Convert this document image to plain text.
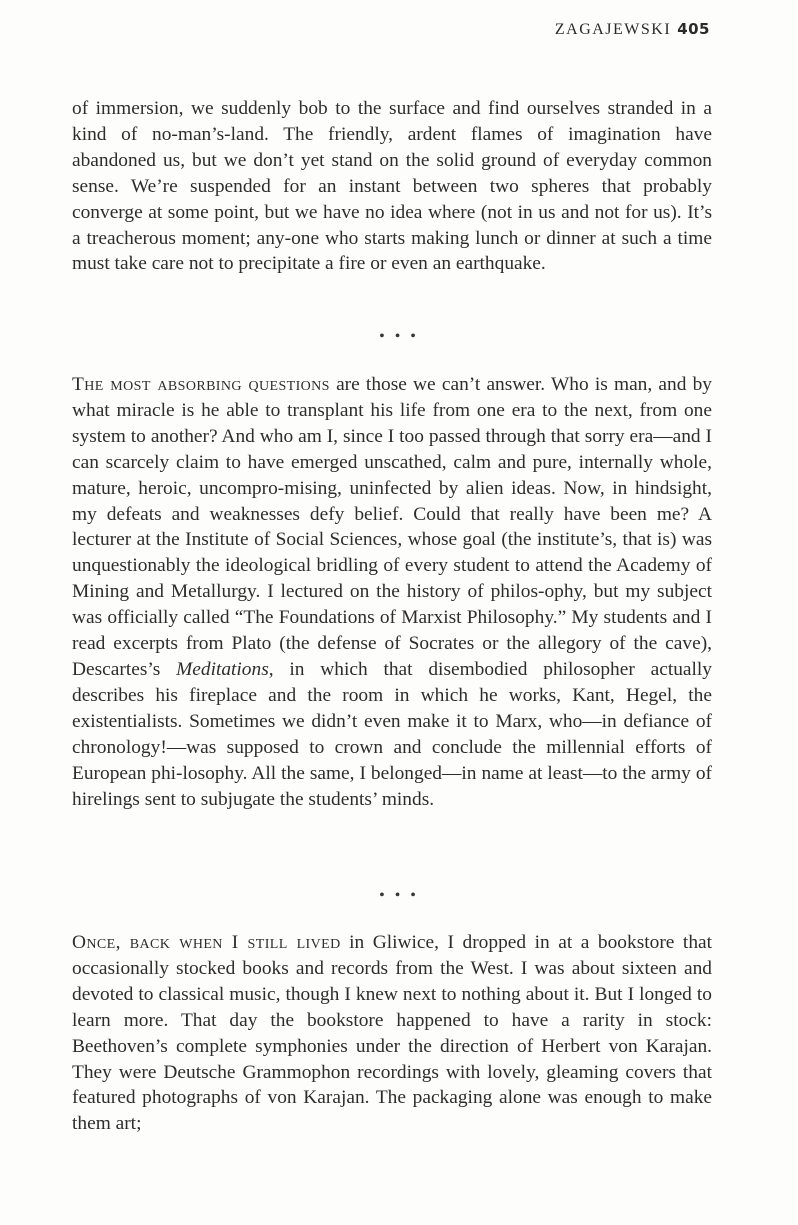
ZAGAJEWSKI 405

of immersion, we suddenly bob to the surface and find ourselves stranded in a kind of no-man’s-land. The friendly, ardent flames of imagination have abandoned us, but we don’t yet stand on the solid ground of everyday common sense. We’re suspended for an instant between two spheres that probably converge at some point, but we have no idea where (not in us and not for us). It’s a treacherous moment; any-one who starts making lunch or dinner at such a time must take care not to precipitate a fire or even an earthquake.

• • •

The most absorbing questions are those we can’t answer. Who is man, and by what miracle is he able to transplant his life from one era to the next, from one system to another? And who am I, since I too passed through that sorry era—and I can scarcely claim to have emerged unscathed, calm and pure, internally whole, mature, heroic, uncompro-mising, uninfected by alien ideas. Now, in hindsight, my defeats and weaknesses defy belief. Could that really have been me? A lecturer at the Institute of Social Sciences, whose goal (the institute’s, that is) was unquestionably the ideological bridling of every student to attend the Academy of Mining and Metallurgy. I lectured on the history of philos-ophy, but my subject was officially called “The Foundations of Marxist Philosophy.” My students and I read excerpts from Plato (the defense of Socrates or the allegory of the cave), Descartes’s Meditations, in which that disembodied philosopher actually describes his fireplace and the room in which he works, Kant, Hegel, the existentialists. Sometimes we didn’t even make it to Marx, who—in defiance of chronology!—was supposed to crown and conclude the millennial efforts of European phi-losophy. All the same, I belonged—in name at least—to the army of hirelings sent to subjugate the students’ minds.

• • •

Once, back when I still lived in Gliwice, I dropped in at a bookstore that occasionally stocked books and records from the West. I was about sixteen and devoted to classical music, though I knew next to nothing about it. But I longed to learn more. That day the bookstore happened to have a rarity in stock: Beethoven’s complete symphonies under the direction of Herbert von Karajan. They were Deutsche Grammophon recordings with lovely, gleaming covers that featured photographs of von Karajan. The packaging alone was enough to make them art;
